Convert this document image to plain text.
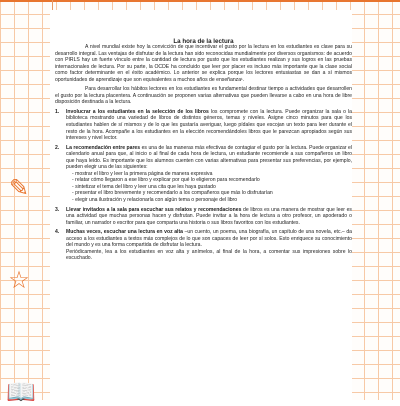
✎
☆
📖
La hora de la lectura

A nivel mundial existe hoy la convicción de que incentivar el gusto por la lectura en los estudiantes es clave para su desarrollo integral. Las ventajas de disfrutar de la lectura han sido reconocidas mundialmente por diversos organismos: de acuerdo con PIRLS hay un fuerte vínculo entre la cantidad de lectura por gusto que los estudiantes realizan y sus logros en las pruebas internacionales de lectura. Por su parte, la OCDE ha concluido que leer por placer es incluso más importante que la clase social como factor determinante en el éxito académico. Lo anterior se explica porque los lectores entusiastas se dan a sí mismos oportunidades de aprendizaje que son equivalentes a muchos años de enseñanza¹.

Para desarrollar los hábitos lectores en los estudiantes es fundamental destinar tiempo a actividades que desarrollen el gusto por la lectura placentera. A continuación se proponen varias alternativas que pueden llevarse a cabo en una hora de libre disposición destinada a la lectura.

1.	Involucrar a los estudiantes en la selección de los libros los compromete con la lectura. Puede organizar la sala o la biblioteca mostrando una variedad de libros de distintos géneros, temas y niveles. Asigne cinco minutos para que los estudiantes hablen de sí mismos y de lo que les gustaría averiguar, luego pídales que escojan un texto para leer durante el resto de la hora. Acompañe a los estudiantes en la elección recomendándoles libros que le parezcan apropiados según sus intereses y nivel lector.
2.	La recomendación entre pares es una de las maneras más efectivas de contagiar el gusto por la lectura. Puede organizar el calendario anual para que, al inicio o al final de cada hora de lectura, un estudiante recomiende a sus compañeros un libro que haya leído. Es importante que los alumnos cuenten con varias alternativas para presentar sus preferencias, por ejemplo, pueden elegir una de las siguientes:
- mostrar el libro y leer la primera página de manera expresiva
- relatar cómo llegaron a ese libro y explicar por qué lo eligieron para recomendarlo
- sintetizar el tema del libro y leer una cita que les haya gustado
- presentar el libro brevemente y recomendarlo a los compañeros que más lo disfrutarían
- elegir una ilustración y relacionarla con algún tema o personaje del libro
3.	Llevar invitados a la sala para escuchar sus relatos y recomendaciones de libros es una manera de mostrar que leer es una actividad que muchas personas hacen y disfrutan. Puede invitar a la hora de lectura a otro profesor, un apoderado o familiar, un narrador o escritor para que comparta una historia o sus libros favoritos con los estudiantes.
4.	Muchas veces, escuchar una lectura en voz alta –un cuento, un poema, una biografía, un capítulo de una novela, etc.– da acceso a los estudiantes a textos más complejos de lo que son capaces de leer por sí solos. Esto enriquece su conocimiento del mundo y es una forma compartida de disfrutar la lectura.
Periódicamente, lea a los estudiantes en voz alta y anímelos, al final de la hora, a comentar sus impresiones sobre lo escuchado.
